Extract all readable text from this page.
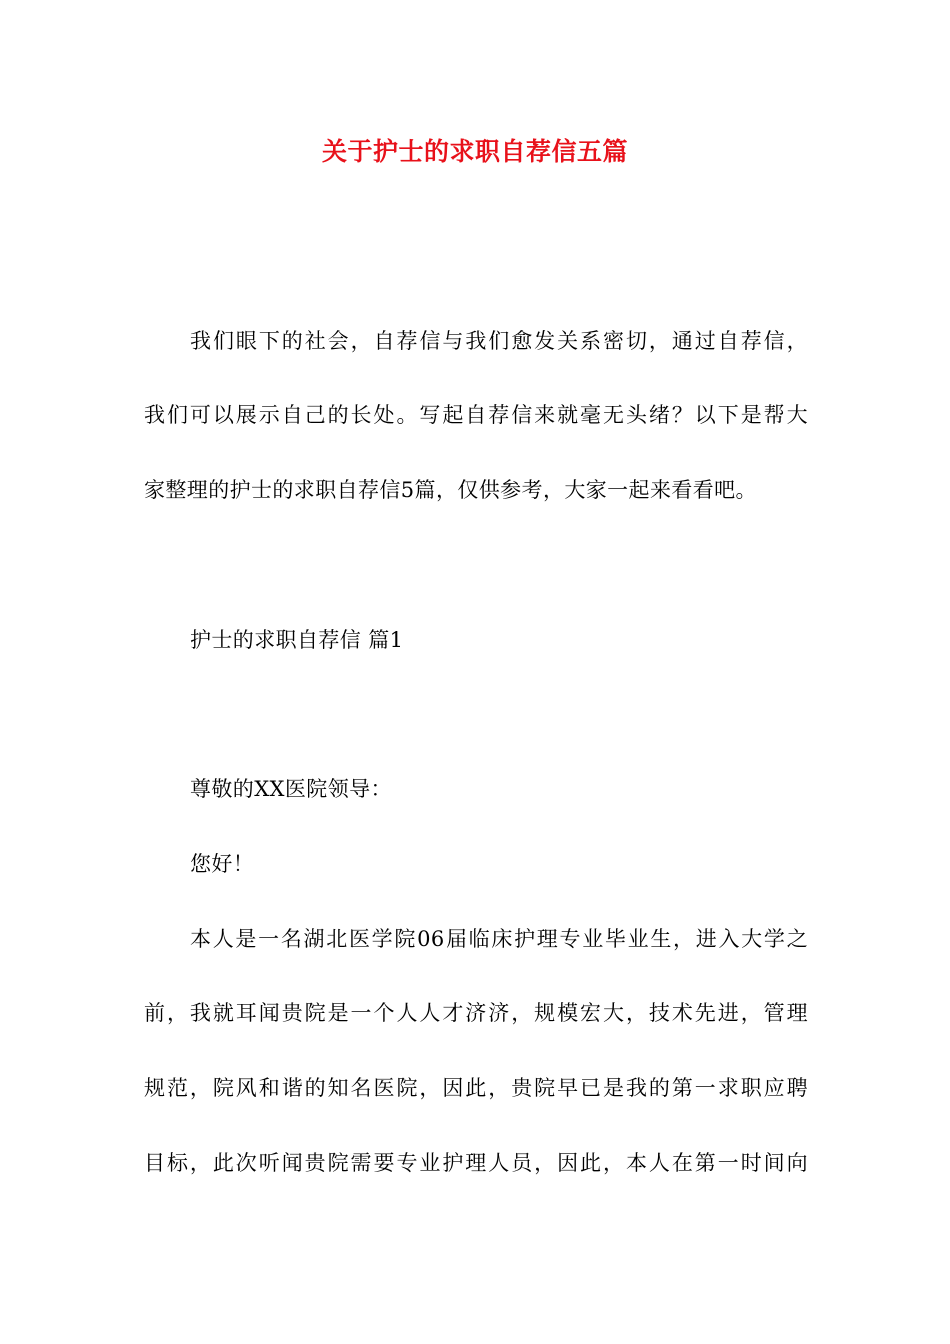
关于护士的求职自荐信五篇
我们眼下的社会，自荐信与我们愈发关系密切，通过自荐信，
我们可以展示自己的长处。写起自荐信来就毫无头绪？以下是帮大
家整理的护士的求职自荐信5篇，仅供参考，大家一起来看看吧。
护士的求职自荐信 篇1
尊敬的XX医院领导：
您好！
本人是一名湖北医学院06届临床护理专业毕业生，进入大学之
前，我就耳闻贵院是一个人人才济济，规模宏大，技术先进，管理
规范，院风和谐的知名医院，因此，贵院早已是我的第一求职应聘
目标，此次听闻贵院需要专业护理人员，因此，本人在第一时间向
